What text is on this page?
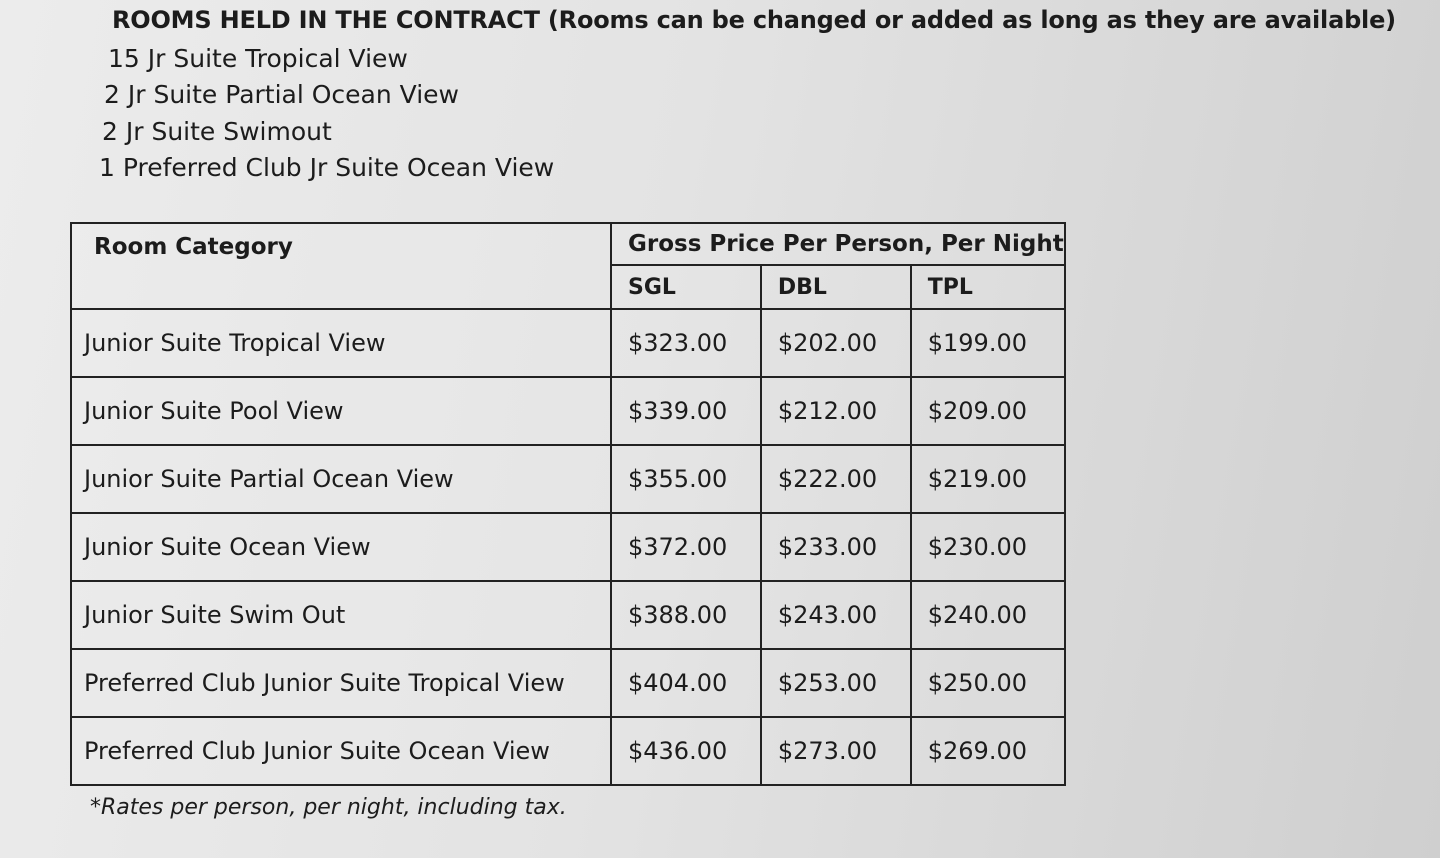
ROOMS HELD IN THE CONTRACT (Rooms can be changed or added as long as they are available)
15 Jr Suite Tropical View
2 Jr Suite Partial Ocean View
2 Jr Suite Swimout
1 Preferred Club Jr Suite Ocean View
Room Category	Gross Price Per Person, Per Night		
	SGL	DBL	TPL
Junior Suite Tropical View	$323.00	$202.00	$199.00
Junior Suite Pool View	$339.00	$212.00	$209.00
Junior Suite Partial Ocean View	$355.00	$222.00	$219.00
Junior Suite Ocean View	$372.00	$233.00	$230.00
Junior Suite Swim Out	$388.00	$243.00	$240.00
Preferred Club Junior Suite Tropical View	$404.00	$253.00	$250.00
Preferred Club Junior Suite Ocean View	$436.00	$273.00	$269.00
*Rates per person, per night, including tax.
